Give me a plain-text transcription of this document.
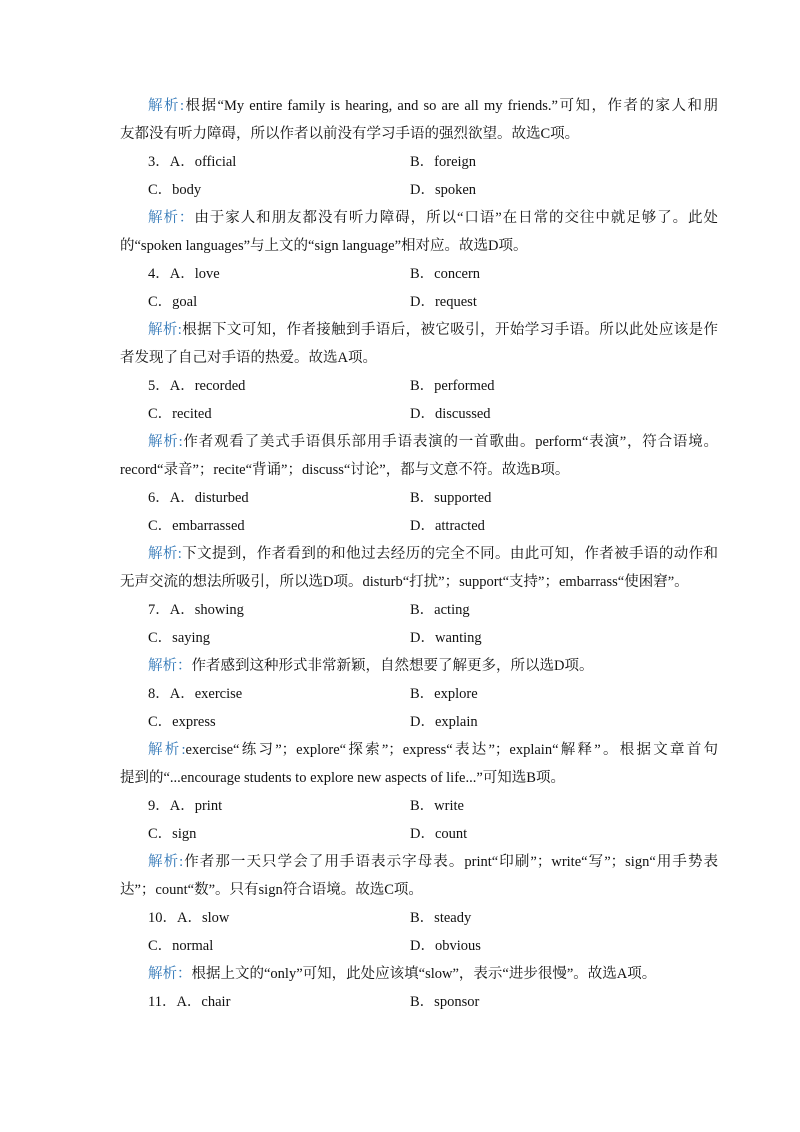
解析:根据“My entire family is hearing, and so are all my friends.”可知，作者的家人和朋
友都没有听力障碍，所以作者以前没有学习手语的强烈欲望。故选C项。
3．A．official	B．foreign
C．body	D．spoken
解析：由于家人和朋友都没有听力障碍，所以“口语”在日常的交往中就足够了。此处
的“spoken languages”与上文的“sign language”相对应。故选D项。
4．A．love	B．concern
C．goal	D．request
解析:根据下文可知，作者接触到手语后，被它吸引，开始学习手语。所以此处应该是作
者发现了自己对手语的热爱。故选A项。
5．A．recorded	B．performed
C．recited	D．discussed
解析:作者观看了美式手语俱乐部用手语表演的一首歌曲。perform“表演”，符合语境。
record“录音”；recite“背诵”；discuss“讨论”，都与文意不符。故选B项。
6．A．disturbed	B．supported
C．embarrassed	D．attracted
解析:下文提到，作者看到的和他过去经历的完全不同。由此可知，作者被手语的动作和
无声交流的想法所吸引，所以选D项。disturb“打扰”；support“支持”；embarrass“使困窘”。
7．A．showing	B．acting
C．saying	D．wanting
解析：作者感到这种形式非常新颖，自然想要了解更多，所以选D项。
8．A．exercise	B．explore
C．express	D．explain
解析:exercise“练习”；explore“探索”；express“表达”；explain“解释”。根据文章首句
提到的“...encourage students to explore new aspects of life...”可知选B项。
9．A．print	B．write
C．sign	D．count
解析:作者那一天只学会了用手语表示字母表。print“印刷”；write“写”；sign“用手势表
达”；count“数”。只有sign符合语境。故选C项。
10．A．slow	B．steady
C．normal	D．obvious
解析：根据上文的“only”可知，此处应该填“slow”，表示“进步很慢”。故选A项。
11．A．chair	B．sponsor
